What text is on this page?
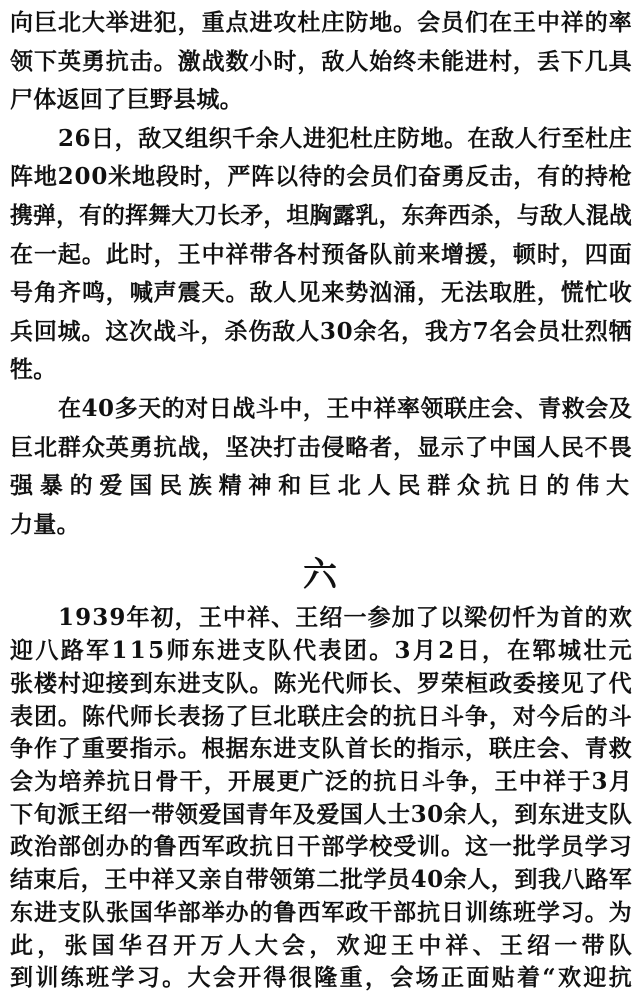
向巨北大举进犯，重点进攻杜庄防地。会员们在王中祥的率
领下英勇抗击。激战数小时，敌人始终未能进村，丢下几具
尸体返回了巨野县城。
26日，敌又组织千余人进犯杜庄防地。在敌人行至杜庄
阵地200米地段时，严阵以待的会员们奋勇反击，有的持枪
携弹，有的挥舞大刀长矛，坦胸露乳，东奔西杀，与敌人混战
在一起。此时，王中祥带各村预备队前来增援，顿时，四面
号角齐鸣，喊声震天。敌人见来势汹涌，无法取胜，慌忙收
兵回城。这次战斗，杀伤敌人30余名，我方7名会员壮烈牺
牲。
在40多天的对日战斗中，王中祥率领联庄会、青救会及
巨北群众英勇抗战，坚决打击侵略者，显示了中国人民不畏
强暴的爱国民族精神和巨北人民群众抗日的伟大
力量。
六
1939年初，王中祥、王绍一参加了以梁仞忏为首的欢
迎八路军115师东进支队代表团。3月2日，在郓城壮元
张楼村迎接到东进支队。陈光代师长、罗荣桓政委接见了代
表团。陈代师长表扬了巨北联庄会的抗日斗争，对今后的斗
争作了重要指示。根据东进支队首长的指示，联庄会、青救
会为培养抗日骨干，开展更广泛的抗日斗争，王中祥于3月
下旬派王绍一带领爱国青年及爱国人士30余人，到东进支队
政治部创办的鲁西军政抗日干部学校受训。这一批学员学习
结束后，王中祥又亲自带领第二批学员40余人，到我八路军
东进支队张国华部举办的鲁西军政干部抗日训练班学习。为
此，张国华召开万人大会，欢迎王中祥、王绍一带队
到训练班学习。大会开得很隆重，会场正面贴着“欢迎抗
